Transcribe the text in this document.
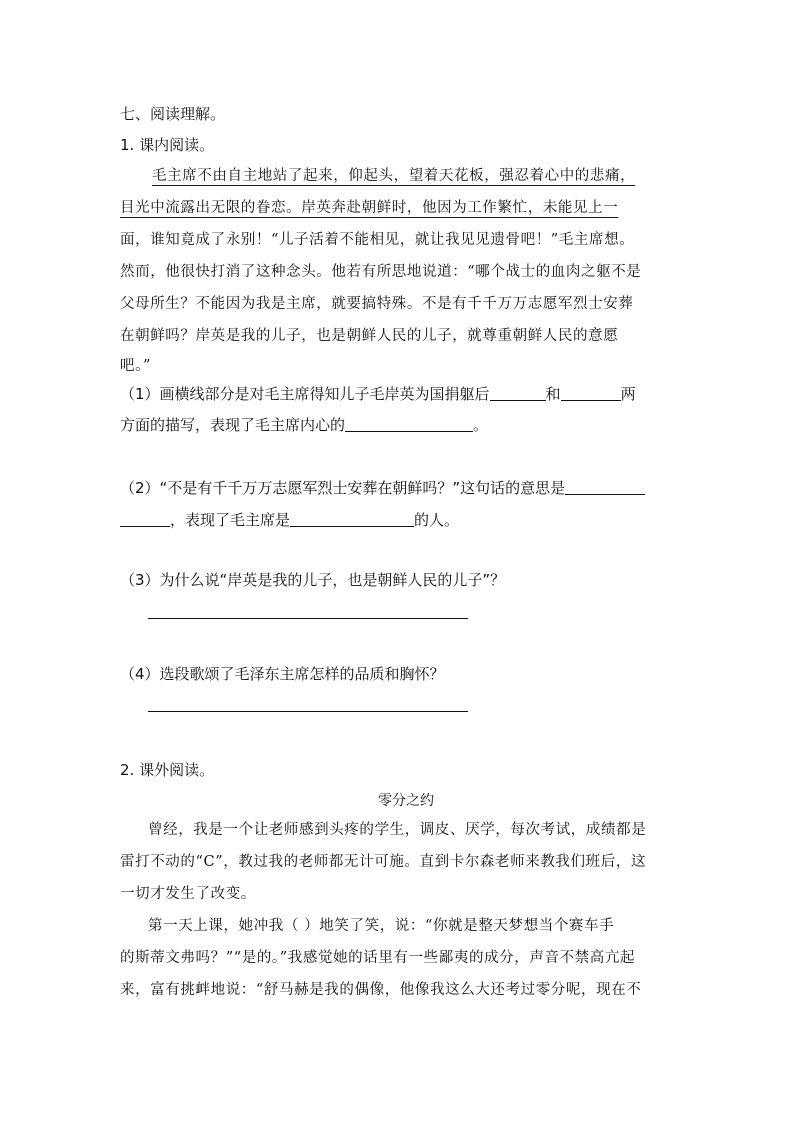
七、阅读理解。
1. 课内阅读。
毛主席不由自主地站了起来，仰起头，望着天花板，强忍着心中的悲痛，
目光中流露出无限的眷恋。岸英奔赴朝鲜时，他因为工作繁忙，未能见上一
面，谁知竟成了永别！“儿子活着不能相见，就让我见见遗骨吧！”毛主席想。
然而，他很快打消了这种念头。他若有所思地说道：“哪个战士的血肉之躯不是
父母所生？不能因为我是主席，就要搞特殊。不是有千千万万志愿军烈士安葬
在朝鲜吗？岸英是我的儿子，也是朝鲜人民的儿子，就尊重朝鲜人民的意愿
吧。”
（1）画横线部分是对毛主席得知儿子毛岸英为国捐躯后	和	两
方面的描写，表现了毛主席内心的	。
（2）“不是有千千万万志愿军烈士安葬在朝鲜吗？”这句话的意思是
，表现了毛主席是	的人。
（3）为什么说“岸英是我的儿子，也是朝鲜人民的儿子”？
（4）选段歌颂了毛泽东主席怎样的品质和胸怀？
2. 课外阅读。
零分之约
曾经，我是一个让老师感到头疼的学生，调皮、厌学，每次考试，成绩都是
雷打不动的“C”，教过我的老师都无计可施。直到卡尔森老师来教我们班后，这
一切才发生了改变。
第一天上课，她冲我（ ）地笑了笑，说：“你就是整天梦想当个赛车手
的斯蒂文弗吗？”“是的。”我感觉她的话里有一些鄙夷的成分，声音不禁高亢起
来，富有挑衅地说：“舒马赫是我的偶像，他像我这么大还考过零分呢，现在不
